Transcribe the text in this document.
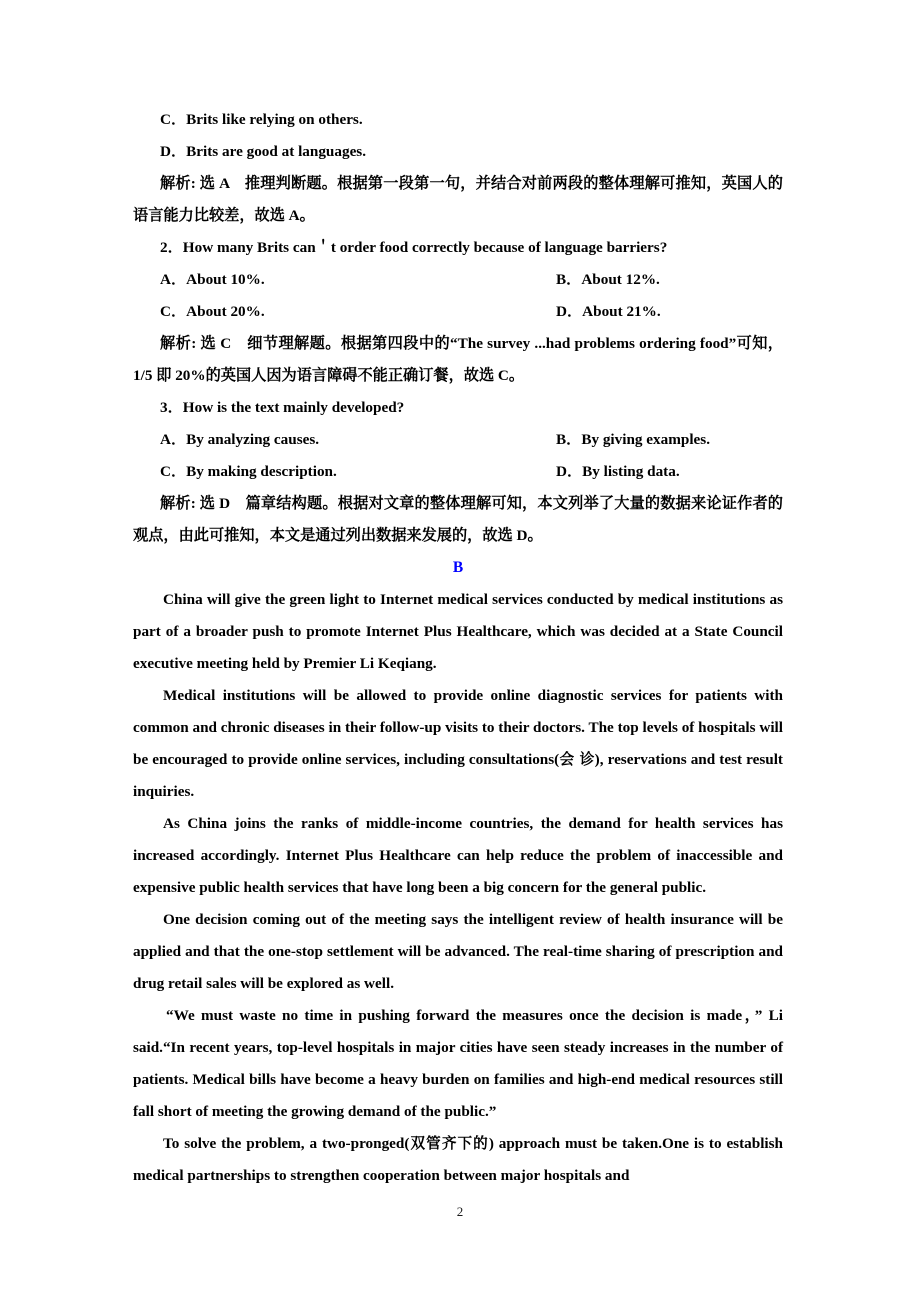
C．Brits like relying on others.
D．Brits are good at languages.
解析: 选 A　推理判断题。根据第一段第一句，并结合对前两段的整体理解可推知，英国人的语言能力比较差，故选 A。
2．How many Brits can＇t order food correctly because of language barriers?
A．About 10%.	B．About 12%.
C．About 20%.	D．About 21%.
解析: 选 C　细节理解题。根据第四段中的“The survey ...had problems ordering food”可知，1/5 即 20%的英国人因为语言障碍不能正确订餐，故选 C。
3．How is the text mainly developed?
A．By analyzing causes.	B．By giving examples.
C．By making description.	D．By listing data.
解析: 选 D　篇章结构题。根据对文章的整体理解可知，本文列举了大量的数据来论证作者的观点，由此可推知，本文是通过列出数据来发展的，故选 D。
B
China will give the green light to Internet medical services conducted by medical institutions as part of a broader push to promote Internet Plus Healthcare, which was decided at a State Council executive meeting held by Premier Li Keqiang.
Medical institutions will be allowed to provide online diagnostic services for patients with common and chronic diseases in their follow-up visits to their doctors. The top levels of hospitals will be encouraged to provide online services, including consultations(会 诊), reservations and test result inquiries.
As China joins the ranks of middle-income countries, the demand for health services has increased accordingly. Internet Plus Healthcare can help reduce the problem of inaccessible and expensive public health services that have long been a big concern for the general public.
One decision coming out of the meeting says the intelligent review of health insurance will be applied and that the one-stop settlement will be advanced. The real-time sharing of prescription and drug retail sales will be explored as well.
“We must waste no time in pushing forward the measures once the decision is made，” Li said.“In recent years, top-level hospitals in major cities have seen steady increases in the number of patients. Medical bills have become a heavy burden on families and high-end medical resources still fall short of meeting the growing demand of the public.”
To solve the problem, a two-pronged(双管齐下的) approach must be taken.One is to establish medical partnerships to strengthen cooperation between major hospitals and
2
